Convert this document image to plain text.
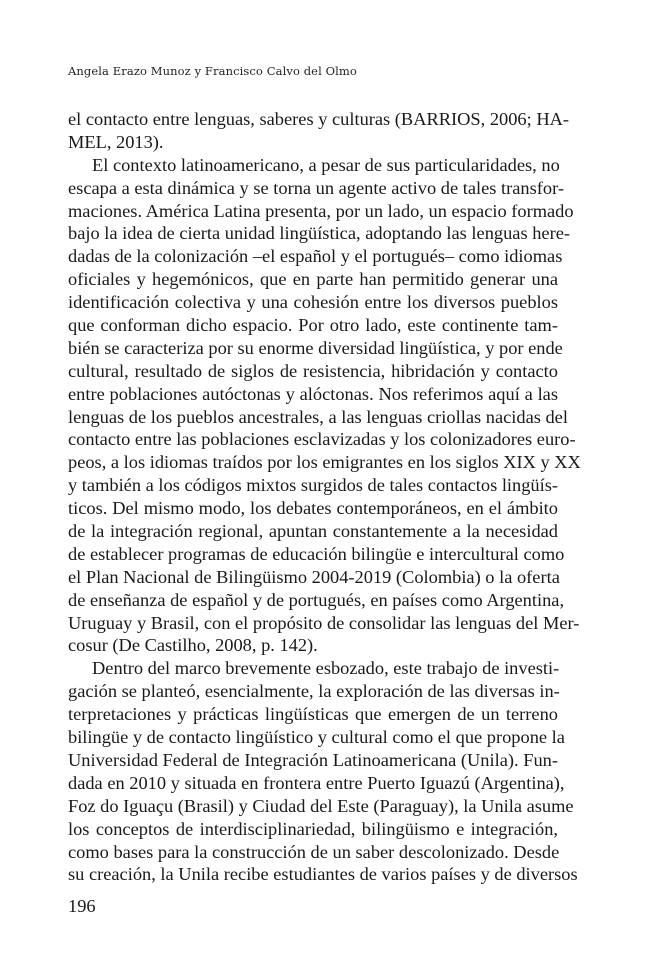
Angela Erazo Munoz y Francisco Calvo del Olmo
el contacto entre lenguas, saberes y culturas (BARRIOS, 2006; HA-
MEL, 2013).
El contexto latinoamericano, a pesar de sus particularidades, no
escapa a esta dinámica y se torna un agente activo de tales transfor-
maciones. América Latina presenta, por un lado, un espacio formado
bajo la idea de cierta unidad lingüística, adoptando las lenguas here-
dadas de la colonización –el español y el portugués– como idiomas
oficiales y hegemónicos, que en parte han permitido generar una
identificación colectiva y una cohesión entre los diversos pueblos
que conforman dicho espacio. Por otro lado, este continente tam-
bién se caracteriza por su enorme diversidad lingüística, y por ende
cultural, resultado de siglos de resistencia, hibridación y contacto
entre poblaciones autóctonas y alóctonas. Nos referimos aquí a las
lenguas de los pueblos ancestrales, a las lenguas criollas nacidas del
contacto entre las poblaciones esclavizadas y los colonizadores euro-
peos, a los idiomas traídos por los emigrantes en los siglos XIX y XX
y también a los códigos mixtos surgidos de tales contactos lingüís-
ticos. Del mismo modo, los debates contemporáneos, en el ámbito
de la integración regional, apuntan constantemente a la necesidad
de establecer programas de educación bilingüe e intercultural como
el Plan Nacional de Bilingüismo 2004-2019 (Colombia) o la oferta
de enseñanza de español y de portugués, en países como Argentina,
Uruguay y Brasil, con el propósito de consolidar las lenguas del Mer-
cosur (De Castilho, 2008, p. 142).
Dentro del marco brevemente esbozado, este trabajo de investi-
gación se planteó, esencialmente, la exploración de las diversas in-
terpretaciones y prácticas lingüísticas que emergen de un terreno
bilingüe y de contacto lingüístico y cultural como el que propone la
Universidad Federal de Integración Latinoamericana (Unila). Fun-
dada en 2010 y situada en frontera entre Puerto Iguazú (Argentina),
Foz do Iguaçu (Brasil) y Ciudad del Este (Paraguay), la Unila asume
los conceptos de interdisciplinariedad, bilingüismo e integración,
como bases para la construcción de un saber descolonizado. Desde
su creación, la Unila recibe estudiantes de varios países y de diversos
196
